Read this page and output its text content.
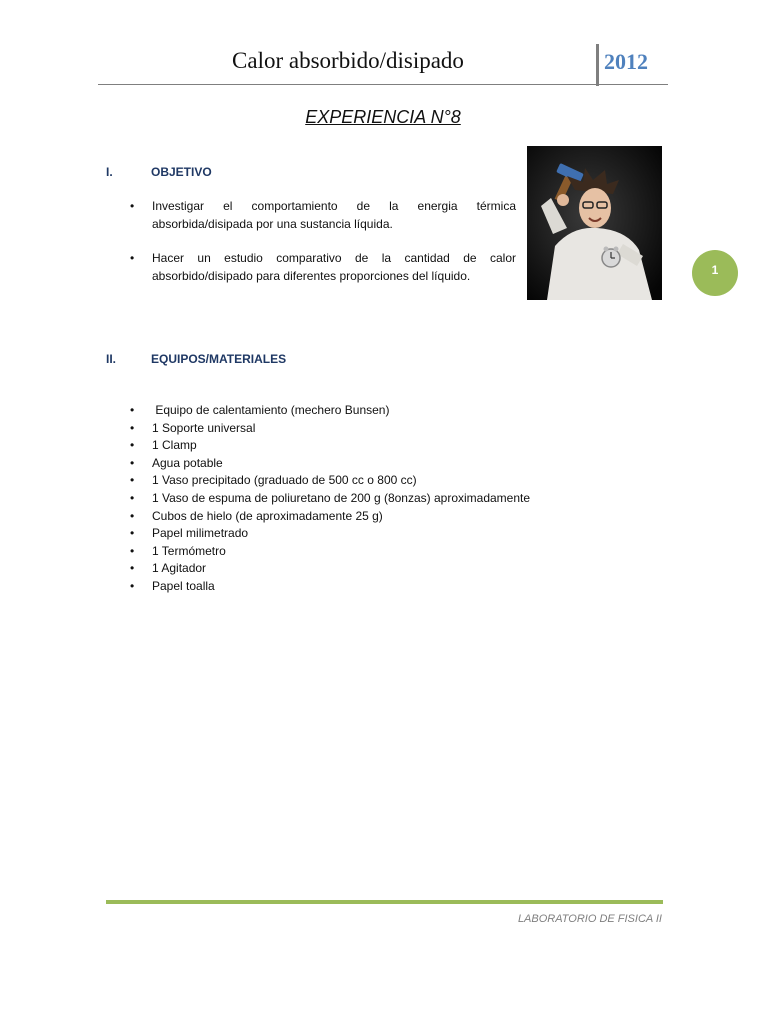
Calor absorbido/disipado	2012
EXPERIENCIA N°8
I.	OBJETIVO
• Investigar el comportamiento de la energia térmica absorbida/disipada por una sustancia líquida.
• Hacer un estudio comparativo de la cantidad de calor absorbido/disipado para diferentes proporciones del líquido.	1
II.	EQUIPOS/MATERIALES
• Equipo de calentamiento (mechero Bunsen)
• 1 Soporte universal
• 1 Clamp
• Agua potable
• 1 Vaso precipitado (graduado de 500 cc o 800 cc)
• 1 Vaso de espuma de poliuretano de 200 g (8onzas) aproximadamente
• Cubos de hielo (de aproximadamente 25 g)
• Papel milimetrado
• 1 Termómetro
• 1 Agitador
• Papel toalla
LABORATORIO DE FISICA II
